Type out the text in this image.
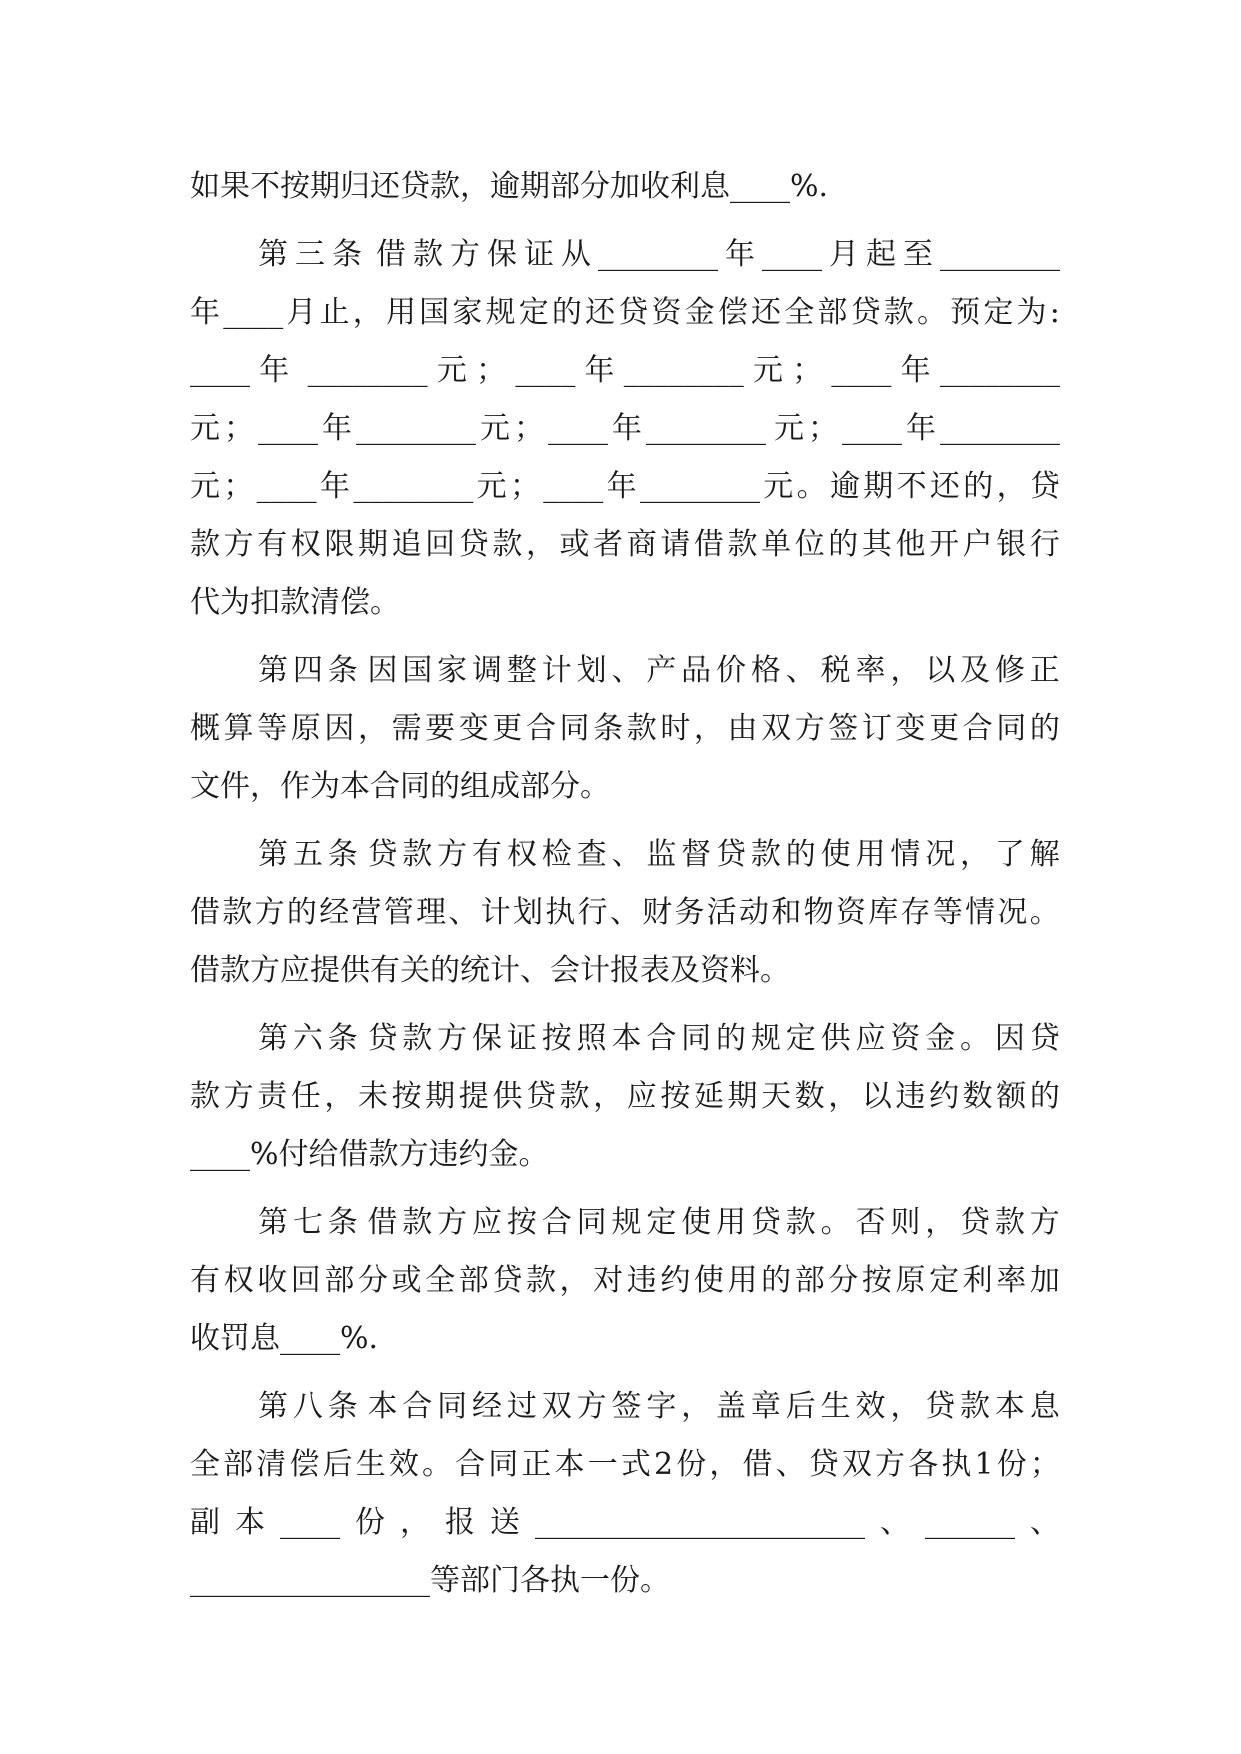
如果不按期归还贷款，逾期部分加收利息____%.
第 三 条 借 款 方 保 证 从 ________ 年 ____ 月 起 至 ________
年 ____ 月 止 ， 用 国 家 规 定 的 还 贷 资 金 偿 还 全 部 贷 款 。 预 定 为 :
____ 年 ________ 元 ； ____ 年 ________ 元 ； ____ 年 ________
元 ； ____ 年 ________ 元 ； ____ 年 ________ 元 ； ____ 年 ________
元 ； ____ 年 ________ 元 ； ____ 年 ________ 元 。 逾 期 不 还 的 ， 贷
款 方 有 权 限 期 追 回 贷 款 ， 或 者 商 请 借 款 单 位 的 其 他 开 户 银 行
代为扣款清偿。
第 四 条 因 国 家 调 整 计 划 、 产 品 价 格 、 税 率 ， 以 及 修 正
概 算 等 原 因 ， 需 要 变 更 合 同 条 款 时 ， 由 双 方 签 订 变 更 合 同 的
文件，作为本合同的组成部分。
第 五 条 贷 款 方 有 权 检 查 、 监 督 贷 款 的 使 用 情 况 ， 了 解
借 款 方 的 经 营 管 理 、 计 划 执 行 、 财 务 活 动 和 物 资 库 存 等 情 况 。
借款方应提供有关的统计、会计报表及资料。
第 六 条 贷 款 方 保 证 按 照 本 合 同 的 规 定 供 应 资 金 。 因 贷
款 方 责 任 ， 未 按 期 提 供 贷 款 ， 应 按 延 期 天 数 ， 以 违 约 数 额 的
____%付给借款方违约金。
第 七 条 借 款 方 应 按 合 同 规 定 使 用 贷 款 。 否 则 ， 贷 款 方
有 权 收 回 部 分 或 全 部 贷 款 ， 对 违 约 使 用 的 部 分 按 原 定 利 率 加
收罚息____%.
第 八 条 本 合 同 经 过 双 方 签 字 ， 盖 章 后 生 效 ， 贷 款 本 息
全 部 清 偿 后 生 效 。 合 同 正 本 一 式 2 份 ， 借 、 贷 双 方 各 执 1 份 ；
副 本 ____ 份 ， 报 送 ______________________ 、 ______ 、
________________等部门各执一份。
